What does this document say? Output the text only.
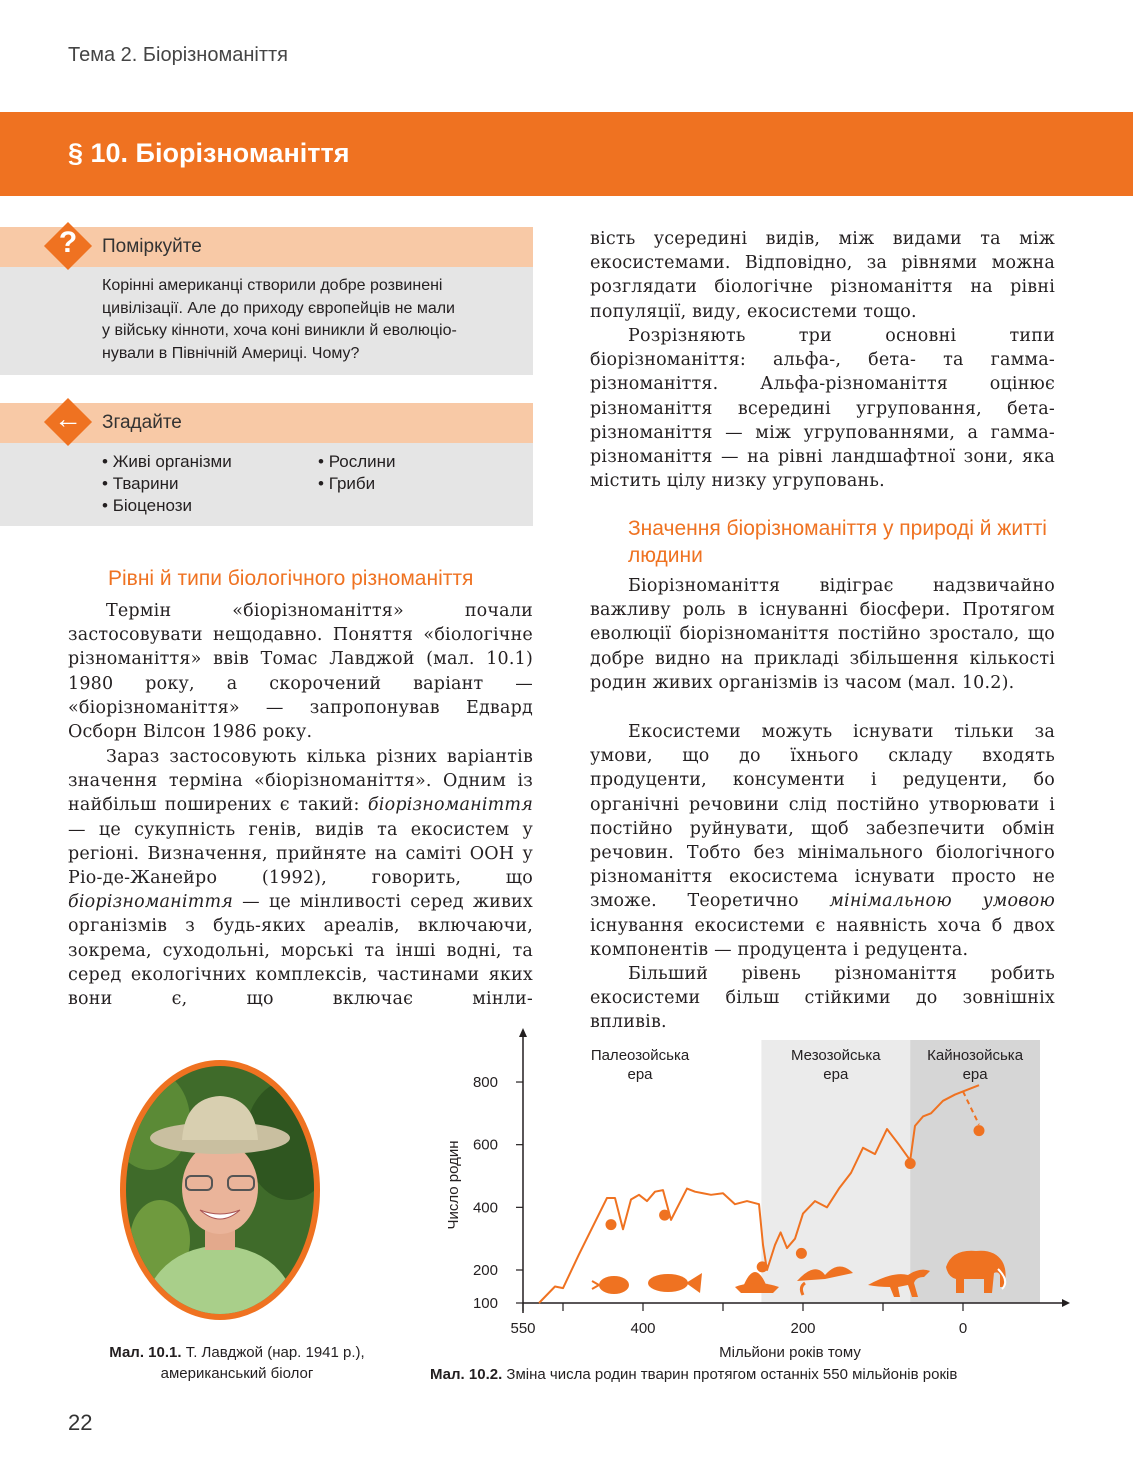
Тема 2. Біорізноманіття
§ 10. Біорізноманіття
?	Поміркуйте
Корінні американці створили добре розвинені
цивілізації. Але до приходу європейців не мали
у війську кінноти, хоча коні виникли й еволюціо-
нували в Північній Америці. Чому?
←	Згадайте
• Живі організми
• Тварини
• Біоценози
• Рослини
• Гриби
Рівні й типи біологічного різноманіття

Термін «біорізноманіття» почали застосовувати нещодавно. Поняття «біологічне різноманіття» ввів Томас Лавджой (мал. 10.1) 1980 року, а скорочений варіант — «біорізноманіття» — запропонував Едвард Осборн Вілсон 1986 року.

Зараз застосовують кілька різних варіантів значення терміна «біорізноманіття». Одним із найбільш поширених є такий: біорізноманіття — це сукупність генів, видів та екосистем у регіоні. Визначення, прийняте на саміті ООН у Ріо-де-Жанейро (1992), говорить, що біорізноманіття — це мінливості серед живих організмів з будь-яких ареалів, включаючи, зокрема, суходольні, морські та інші водні, та серед екологічних комплексів, частинами яких вони є, що включає мінли-

вість усередині видів, між видами та між екосистемами. Відповідно, за рівнями можна розглядати біологічне різноманіття на рівні популяції, виду, екосистеми тощо.

Розрізняють три основні типи біорізноманіття: альфа-, бета- та гамма-різноманіття. Альфа-різноманіття оцінює різноманіття всередині угруповання, бета-різноманіття — між угрупованнями, а гамма-різноманіття — на рівні ландшафтної зони, яка містить цілу низку угруповань.

Значення біорізноманіття у природі й житті людини

Біорізноманіття відіграє надзвичайно важливу роль в існуванні біосфери. Протягом еволюції біорізноманіття постійно зростало, що добре видно на прикладі збільшення кількості родин живих організмів із часом (мал. 10.2).

Екосистеми можуть існувати тільки за умови, що до їхнього складу входять продуценти, консументи і редуценти, бо органічні речовини слід постійно утворювати і постійно руйнувати, щоб забезпечити обмін речовин. Тобто без мінімального біологічного різноманіття екосистема існувати просто не зможе. Теоретично мінімальною умовою існування екосистеми є наявність хоча б двох компонентів — продуцента і редуцента.

Більший рівень різноманіття робить екосистеми більш стійкими до зовнішніх впливів.

Мал. 10.1. Т. Лавджой (нар. 1941 р.),
американський біолог
Палеозойська
ера
Мезозойська
ера
Кайнозойська
ера
100
200
400
600
800
550	400	200	0
Мільйони років тому
Число родин
Мал. 10.2. Зміна числа родин тварин протягом останніх 550 мільйонів років
22
